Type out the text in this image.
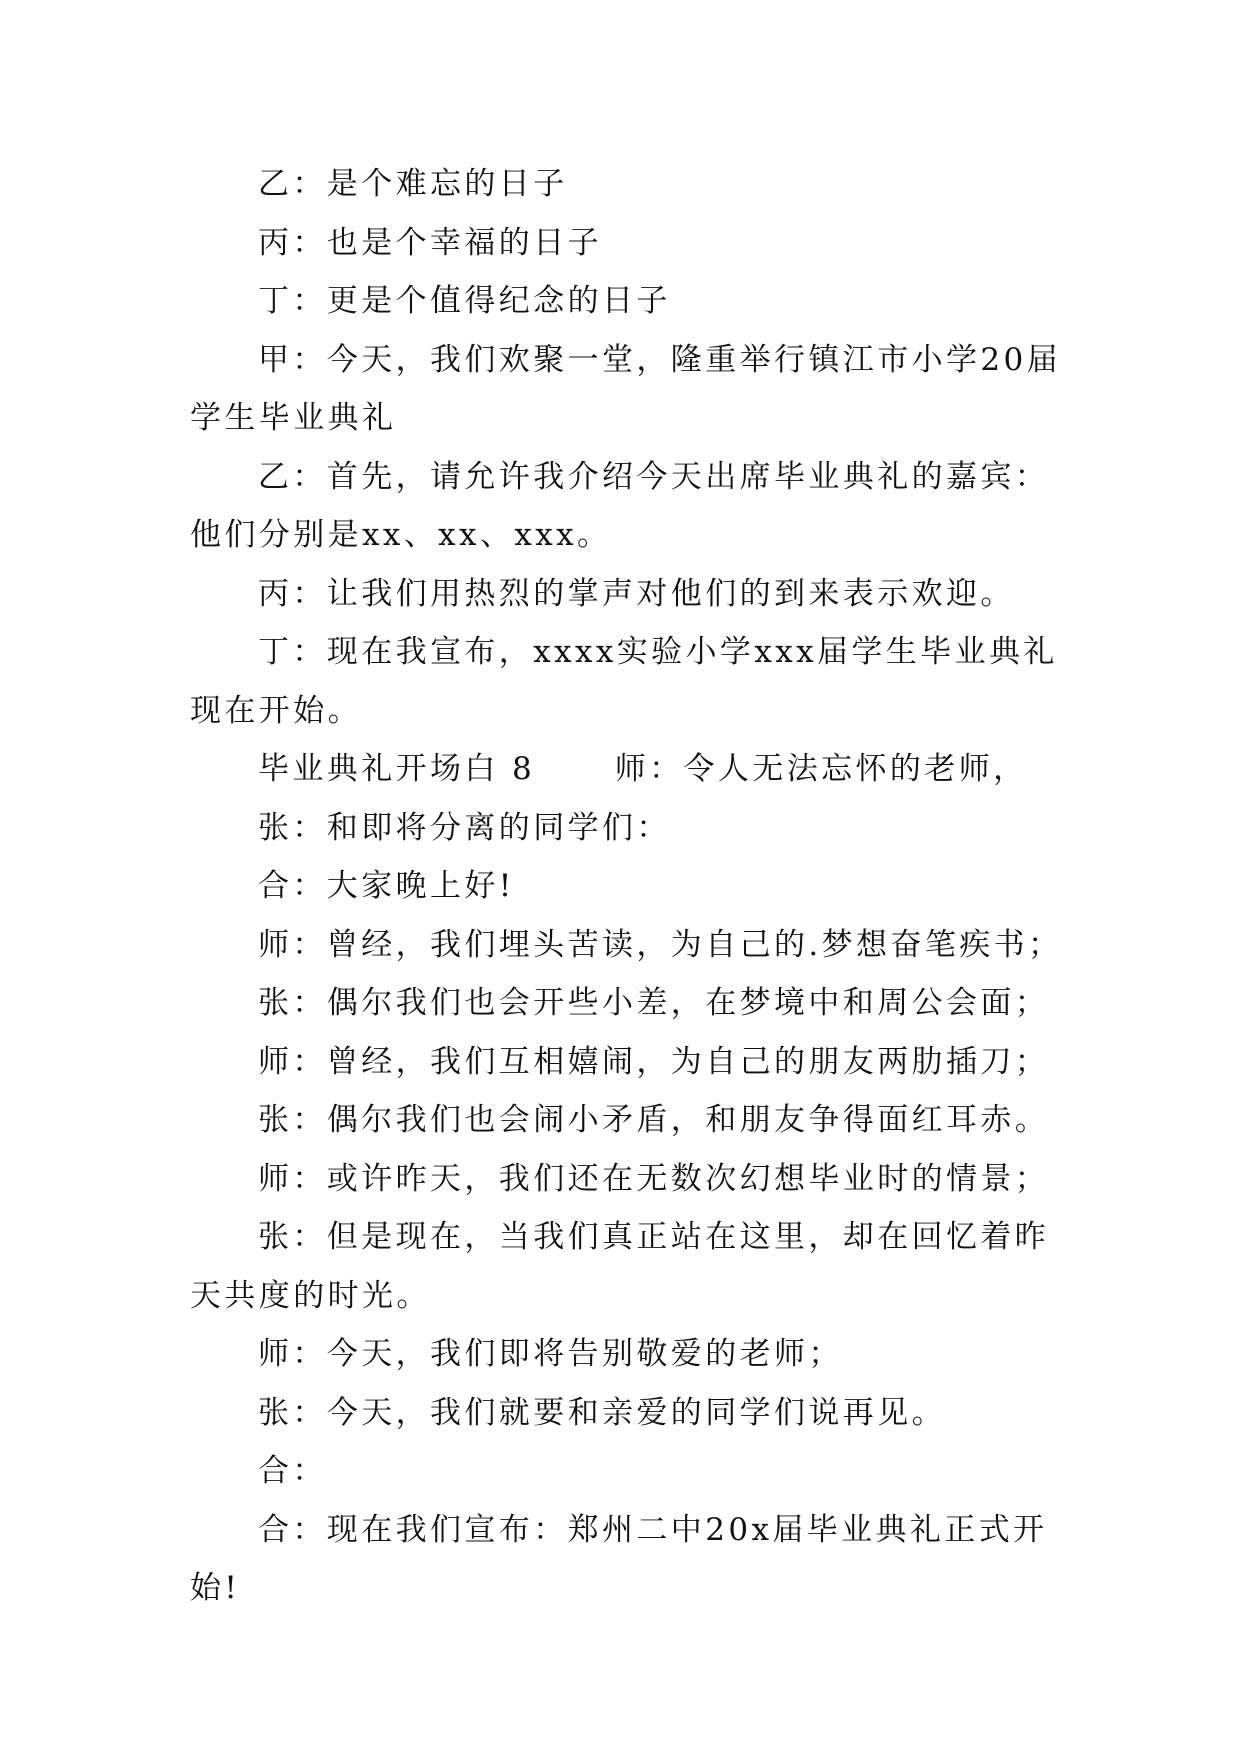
乙：是个难忘的日子

丙：也是个幸福的日子

丁：更是个值得纪念的日子

甲：今天，我们欢聚一堂，隆重举行镇江市小学20届学生毕业典礼

乙：首先，请允许我介绍今天出席毕业典礼的嘉宾：他们分别是xx、xx、xxx。

丙：让我们用热烈的掌声对他们的到来表示欢迎。

丁：现在我宣布，xxxx实验小学xxx届学生毕业典礼现在开始。

毕业典礼开场白 8      师：令人无法忘怀的老师，

张：和即将分离的同学们：

合：大家晚上好!

师：曾经，我们埋头苦读，为自己的.梦想奋笔疾书；

张：偶尔我们也会开些小差，在梦境中和周公会面；

师：曾经，我们互相嬉闹，为自己的朋友两肋插刀；

张：偶尔我们也会闹小矛盾，和朋友争得面红耳赤。

师：或许昨天，我们还在无数次幻想毕业时的情景；

张：但是现在，当我们真正站在这里，却在回忆着昨天共度的时光。

师：今天，我们即将告别敬爱的老师；

张：今天，我们就要和亲爱的同学们说再见。

合：

合：现在我们宣布：郑州二中20x届毕业典礼正式开始!
